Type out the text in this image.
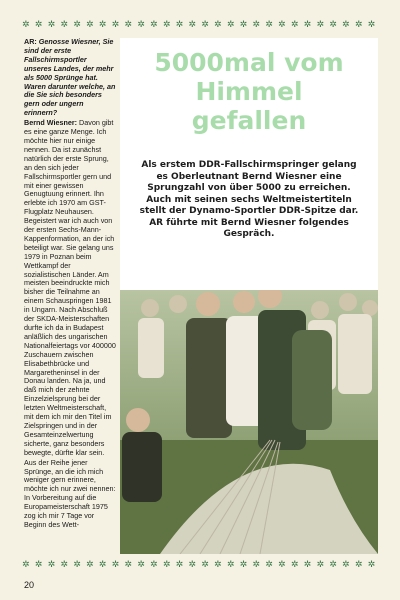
✲ ✲ ✲ ✲ ✲ ✲ ✲ ✲ ✲ ✲ ✲ ✲ ✲ ✲ ✲ ✲ ✲ ✲ ✲ ✲ ✲ ✲ ✲ ✲ ✲ ✲ ✲ ✲

AR: Genosse Wiesner, Sie sind der erste Fallschirmsportler unseres Landes, der mehr als 5000 Sprünge hat. Waren darunter welche, an die Sie sich besonders gern oder ungern erinnern?

Bernd Wiesner: Davon gibt es eine ganze Menge. Ich möchte hier nur einige nennen. Da ist zunächst natürlich der erste Sprung, an den sich jeder Fallschirmsportler gern und mit einer gewissen Genugtuung erinnert. Ihn erlebte ich 1970 am GST-Flugplatz Neuhausen. Begeistert war ich auch von der ersten Sechs-Mann-Kappenformation, an der ich beteiligt war. Sie gelang uns 1979 in Poznan beim Wettkampf der sozialistischen Länder. Am meisten beeindruckte mich bisher die Teilnahme an einem Schauspringen 1981 in Ungarn. Nach Abschluß der SKDA-Meisterschaften durfte ich da in Budapest anläßlich des ungarischen Nationalfeiertags vor 400000 Zuschauern zwischen Elisabethbrücke und Margaretheninsel in der Donau landen. Na ja, und daß mich der zehnte Einzelzielsprung bei der letzten Weltmeisterschaft, mit dem ich mir den Titel im Zielspringen und in der Gesamteinzelwertung sicherte, ganz besonders bewegte, dürfte klar sein.

Aus der Reihe jener Sprünge, an die ich mich weniger gern erinnere, möchte ich nur zwei nennen: In Vorbereitung auf die Europameisterschaft 1975 zog ich mir 7 Tage vor Beginn des Wett-

5000mal vom
Himmel
gefallen
Als erstem DDR-Fallschirmspringer gelang es Oberleutnant Bernd Wiesner eine Sprungzahl von über 5000 zu erreichen. Auch mit seinen sechs Weltmeistertiteln stellt der Dynamo-Sportler DDR-Spitze dar. AR führte mit Bernd Wiesner folgendes Gespräch.
✲ ✲ ✲ ✲ ✲ ✲ ✲ ✲ ✲ ✲ ✲ ✲ ✲ ✲ ✲ ✲ ✲ ✲ ✲ ✲ ✲ ✲ ✲ ✲ ✲ ✲ ✲ ✲
20
